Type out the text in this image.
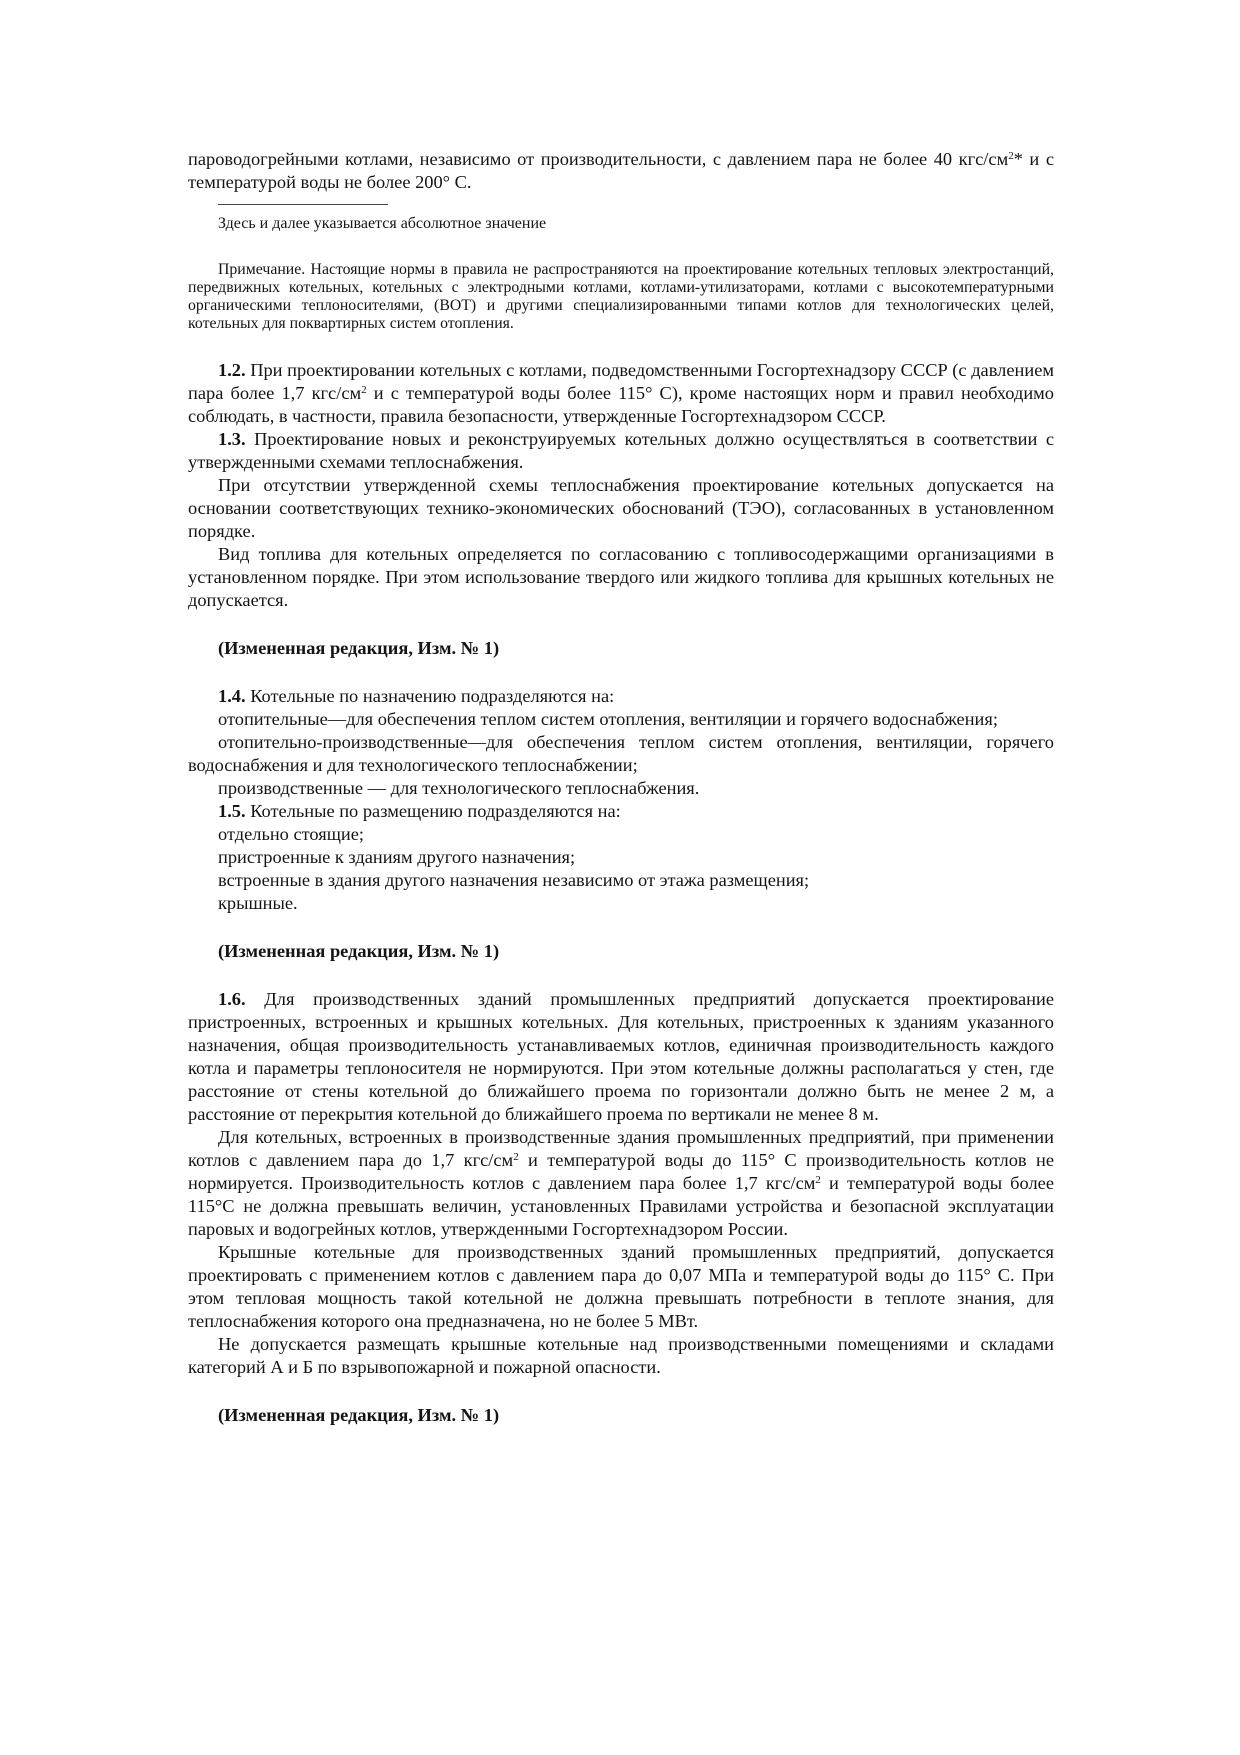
пароводогрейными котлами, независимо от производительности, с давлением пара не более 40 кгс/$см^2*$ и с температурой воды не более 200° С.

Здесь и далее указывается абсолютное значение

Примечание. Настоящие нормы в правила не распространяются на проектирование котельных тепловых электростанций, передвижных котельных, котельных с электродными котлами, котлами-утилизаторами, котлами с высокотемпературными органическими теплоносителями, (ВОТ) и другими специализированными типами котлов для технологических целей, котельных для поквартирных систем отопления.

1.2. При проектировании котельных с котлами, подведомственными Госгортехнадзору СССР (с давлением пара более 1,7 кгс/$см^2$ и с температурой воды более 115° С), кроме настоящих норм и правил необходимо соблюдать, в частности, правила безопасности, утвержденные Госгортехнадзором СССР.

1.3. Проектирование новых и реконструируемых котельных должно осуществляться в соответствии с утвержденными схемами теплоснабжения.

При отсутствии утвержденной схемы теплоснабжения проектирование котельных допускается на основании соответствующих технико-экономических обоснований (ТЭО), согласованных в установленном порядке.

Вид топлива для котельных определяется по согласованию с топливосодержащими организациями в установленном порядке. При этом использование твердого или жидкого топлива для крышных котельных не допускается.

(Измененная редакция, Изм. № 1)

1.4. Котельные по назначению подразделяются на:

отопительные—для обеспечения теплом систем отопления, вентиляции и горячего водоснабжения;

отопительно-производственные—для обеспечения теплом систем отопления, вентиляции, горячего водоснабжения и для технологического теплоснабжении;

производственные — для технологического теплоснабжения.

1.5. Котельные по размещению подразделяются на:

отдельно стоящие;

пристроенные к зданиям другого назначения;

встроенные в здания другого назначения независимо от этажа размещения;

крышные.

(Измененная редакция, Изм. № 1)

1.6. Для производственных зданий промышленных предприятий допускается проектирование пристроенных, встроенных и крышных котельных. Для котельных, пристроенных к зданиям указанного назначения, общая производительность устанавливаемых котлов, единичная производительность каждого котла и параметры теплоносителя не нормируются. При этом котельные должны располагаться у стен, где расстояние от стены котельной до ближайшего проема по горизонтали должно быть не менее 2 м, а расстояние от перекрытия котельной до ближайшего проема по вертикали не менее 8 м.

Для котельных, встроенных в производственные здания промышленных предприятий, при применении котлов с давлением пара до 1,7 кгс/$см^2$ и температурой воды до 115° С производительность котлов не нормируется. Производительность котлов с давлением пара более 1,7 кгс/$см^2$ и температурой воды более 115°С не должна превышать величин, установленных Правилами устройства и безопасной эксплуатации паровых и водогрейных котлов, утвержденными Госгортехнадзором России.

Крышные котельные для производственных зданий промышленных предприятий, допускается проектировать с применением котлов с давлением пара до 0,07 МПа и температурой воды до 115° С. При этом тепловая мощность такой котельной не должна превышать потребности в теплоте знания, для теплоснабжения которого она предназначена, но не более 5 МВт.

Не допускается размещать крышные котельные над производственными помещениями и складами категорий А и Б по взрывопожарной и пожарной опасности.

(Измененная редакция, Изм. № 1)
